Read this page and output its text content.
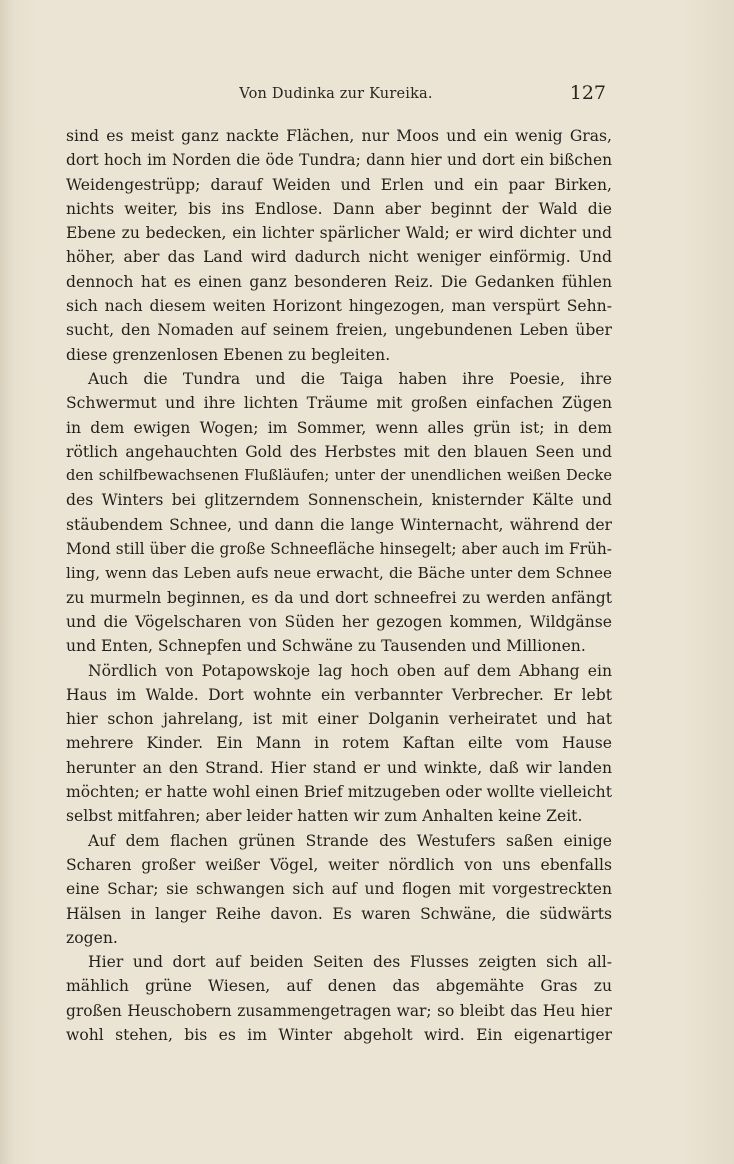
Von Dudinka zur Kureika.	127
sind es meist ganz nackte Flächen, nur Moos und ein wenig Gras,
dort hoch im Norden die öde Tundra; dann hier und dort ein bißchen
Weidengestrüpp; darauf Weiden und Erlen und ein paar Birken,
nichts weiter, bis ins Endlose. Dann aber beginnt der Wald die
Ebene zu bedecken, ein lichter spärlicher Wald; er wird dichter und
höher, aber das Land wird dadurch nicht weniger einförmig. Und
dennoch hat es einen ganz besonderen Reiz. Die Gedanken fühlen
sich nach diesem weiten Horizont hingezogen, man verspürt Sehn-
sucht, den Nomaden auf seinem freien, ungebundenen Leben über
diese grenzenlosen Ebenen zu begleiten.
Auch die Tundra und die Taiga haben ihre Poesie, ihre
Schwermut und ihre lichten Träume mit großen einfachen Zügen
in dem ewigen Wogen; im Sommer, wenn alles grün ist; in dem
rötlich angehauchten Gold des Herbstes mit den blauen Seen und
den schilfbewachsenen Flußläufen; unter der unendlichen weißen Decke
des Winters bei glitzerndem Sonnenschein, knisternder Kälte und
stäubendem Schnee, und dann die lange Winternacht, während der
Mond still über die große Schneefläche hinsegelt; aber auch im Früh-
ling, wenn das Leben aufs neue erwacht, die Bäche unter dem Schnee
zu murmeln beginnen, es da und dort schneefrei zu werden anfängt
und die Vögelscharen von Süden her gezogen kommen, Wildgänse
und Enten, Schnepfen und Schwäne zu Tausenden und Millionen.
Nördlich von Potapowskoje lag hoch oben auf dem Abhang ein
Haus im Walde. Dort wohnte ein verbannter Verbrecher. Er lebt
hier schon jahrelang, ist mit einer Dolganin verheiratet und hat
mehrere Kinder. Ein Mann in rotem Kaftan eilte vom Hause
herunter an den Strand. Hier stand er und winkte, daß wir landen
möchten; er hatte wohl einen Brief mitzugeben oder wollte vielleicht
selbst mitfahren; aber leider hatten wir zum Anhalten keine Zeit.
Auf dem flachen grünen Strande des Westufers saßen einige
Scharen großer weißer Vögel, weiter nördlich von uns ebenfalls
eine Schar; sie schwangen sich auf und flogen mit vorgestreckten
Hälsen in langer Reihe davon. Es waren Schwäne, die südwärts
zogen.
Hier und dort auf beiden Seiten des Flusses zeigten sich all-
mählich grüne Wiesen, auf denen das abgemähte Gras zu
großen Heuschobern zusammengetragen war; so bleibt das Heu hier
wohl stehen, bis es im Winter abgeholt wird. Ein eigenartiger
